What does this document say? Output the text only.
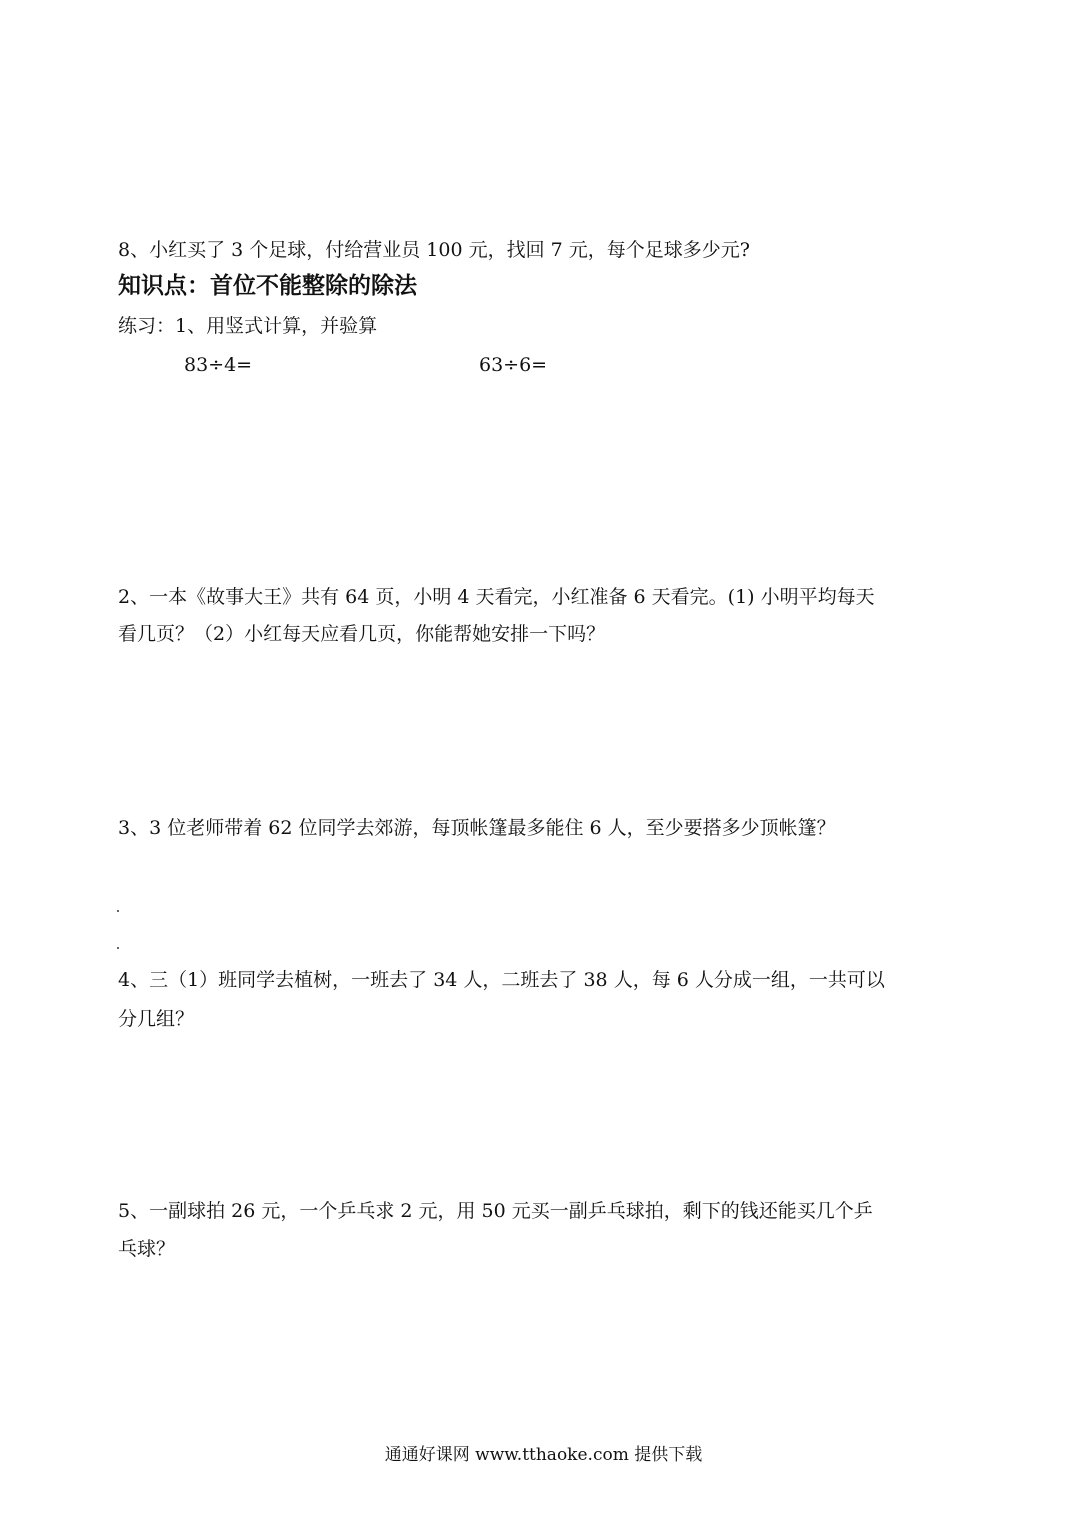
8、小红买了 3 个足球，付给营业员 100 元，找回 7 元，每个足球多少元?
知识点：首位不能整除的除法
练习：1、用竖式计算，并验算
83÷4=	63÷6=
2、一本《故事大王》共有 64 页，小明 4 天看完，小红准备 6 天看完。(1) 小明平均每天
看几页？（2）小红每天应看几页，你能帮她安排一下吗？
3、3 位老师带着 62 位同学去郊游，每顶帐篷最多能住 6 人，至少要搭多少顶帐篷？
4、三（1）班同学去植树，一班去了 34 人，二班去了 38 人，每 6 人分成一组，一共可以
分几组？
5、一副球拍 26 元，一个乒乓求 2 元，用 50 元买一副乒乓球拍，剩下的钱还能买几个乒
乓球？
通通好课网 www.tthaoke.com 提供下载
